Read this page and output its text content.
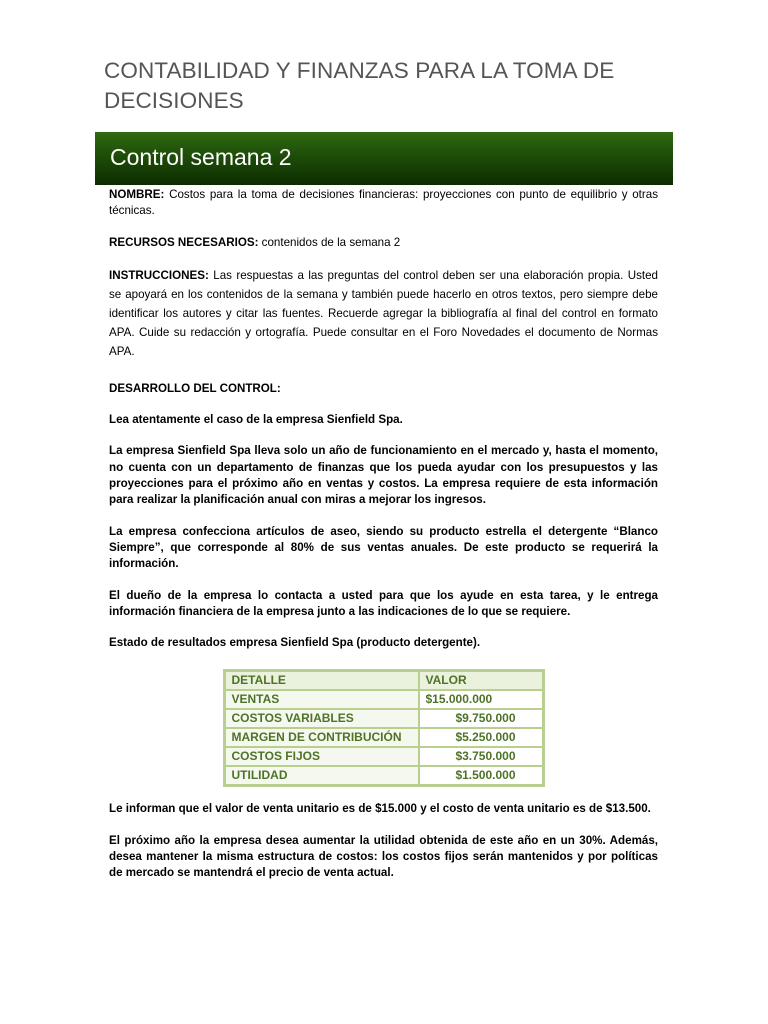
CONTABILIDAD Y FINANZAS PARA LA TOMA DE DECISIONES
Control semana 2

NOMBRE: Costos para la toma de decisiones financieras: proyecciones con punto de equilibrio y otras técnicas.

RECURSOS NECESARIOS: contenidos de la semana 2

INSTRUCCIONES: Las respuestas a las preguntas del control deben ser una elaboración propia. Usted se apoyará en los contenidos de la semana y también puede hacerlo en otros textos, pero siempre debe identificar los autores y citar las fuentes. Recuerde agregar la bibliografía al final del control en formato APA. Cuide su redacción y ortografía. Puede consultar en el Foro Novedades el documento de Normas APA.

DESARROLLO DEL CONTROL:

Lea atentamente el caso de la empresa Sienfield Spa.

La empresa Sienfield Spa lleva solo un año de funcionamiento en el mercado y, hasta el momento, no cuenta con un departamento de finanzas que los pueda ayudar con los presupuestos y las proyecciones para el próximo año en ventas y costos. La empresa requiere de esta información para realizar la planificación anual con miras a mejorar los ingresos.

La empresa confecciona artículos de aseo, siendo su producto estrella el detergente “Blanco Siempre”, que corresponde al 80% de sus ventas anuales. De este producto se requerirá la información.

El dueño de la empresa lo contacta a usted para que los ayude en esta tarea, y le entrega información financiera de la empresa junto a las indicaciones de lo que se requiere.

Estado de resultados empresa Sienfield Spa (producto detergente).

DETALLE	VALOR
VENTAS	$15.000.000
COSTOS VARIABLES	$9.750.000
MARGEN DE CONTRIBUCIÓN	$5.250.000
COSTOS FIJOS	$3.750.000
UTILIDAD	$1.500.000

Le informan que el valor de venta unitario es de $15.000 y el costo de venta unitario es de $13.500.

El próximo año la empresa desea aumentar la utilidad obtenida de este año en un 30%. Además, desea mantener la misma estructura de costos: los costos fijos serán mantenidos y por políticas de mercado se mantendrá el precio de venta actual.
